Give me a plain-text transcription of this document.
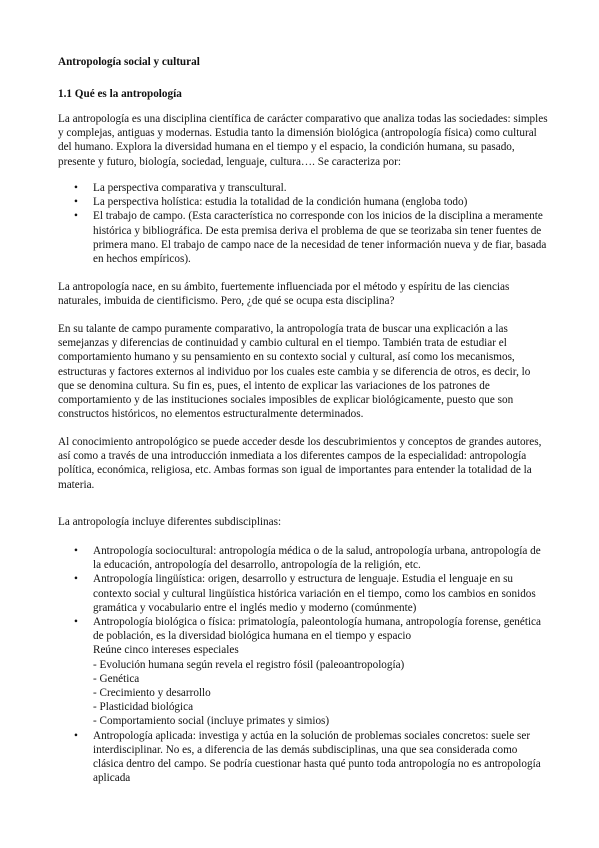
Antropología social y cultural

1.1 Qué es la antropología

La antropología es una disciplina científica de carácter comparativo que analiza todas las sociedades: simples y complejas, antiguas y modernas. Estudia tanto la dimensión biológica (antropología física) como cultural del humano. Explora la diversidad humana en el tiempo y el espacio, la condición humana, su pasado, presente y futuro, biología, sociedad, lenguaje, cultura…. Se caracteriza por:

• La perspectiva comparativa y transcultural.
• La perspectiva holística: estudia la totalidad de la condición humana (engloba todo)
• El trabajo de campo. (Esta característica no corresponde con los inicios de la disciplina a meramente histórica y bibliográfica. De esta premisa deriva el problema de que se teorizaba sin tener fuentes de primera mano. El trabajo de campo nace de la necesidad de tener información nueva y de fiar, basada en hechos empíricos).

La antropología nace, en su ámbito, fuertemente influenciada por el método y espíritu de las ciencias naturales, imbuida de cientificismo. Pero, ¿de qué se ocupa esta disciplina?

En su talante de campo puramente comparativo, la antropología trata de buscar una explicación a las semejanzas y diferencias de continuidad y cambio cultural en el tiempo. También trata de estudiar el comportamiento humano y su pensamiento en su contexto social y cultural, así como los mecanismos, estructuras y factores externos al individuo por los cuales este cambia y se diferencia de otros, es decir, lo que se denomina cultura. Su fin es, pues, el intento de explicar las variaciones de los patrones de comportamiento y de las instituciones sociales imposibles de explicar biológicamente, puesto que son constructos históricos, no elementos estructuralmente determinados.

Al conocimiento antropológico se puede acceder desde los descubrimientos y conceptos de grandes autores, así como a través de una introducción inmediata a los diferentes campos de la especialidad: antropología política, económica, religiosa, etc. Ambas formas son igual de importantes para entender la totalidad de la materia.

La antropología incluye diferentes subdisciplinas:

• Antropología sociocultural: antropología médica o de la salud, antropología urbana, antropología de la educación, antropología del desarrollo, antropología de la religión, etc.
• Antropología lingüística: origen, desarrollo y estructura de lenguaje. Estudia el lenguaje en su contexto social y cultural lingüística histórica variación en el tiempo, como los cambios en sonidos gramática y vocabulario entre el inglés medio y moderno (comúnmente)
• Antropología biológica o física: primatología, paleontología humana, antropología forense, genética de población, es la diversidad biológica humana en el tiempo y espacio
Reúne cinco intereses especiales
- Evolución humana según revela el registro fósil (paleoantropología)
- Genética
- Crecimiento y desarrollo
- Plasticidad biológica
- Comportamiento social (incluye primates y simios)
• Antropología aplicada: investiga y actúa en la solución de problemas sociales concretos: suele ser interdisciplinar. No es, a diferencia de las demás subdisciplinas, una que sea considerada como clásica dentro del campo. Se podría cuestionar hasta qué punto toda antropología no es antropología aplicada
